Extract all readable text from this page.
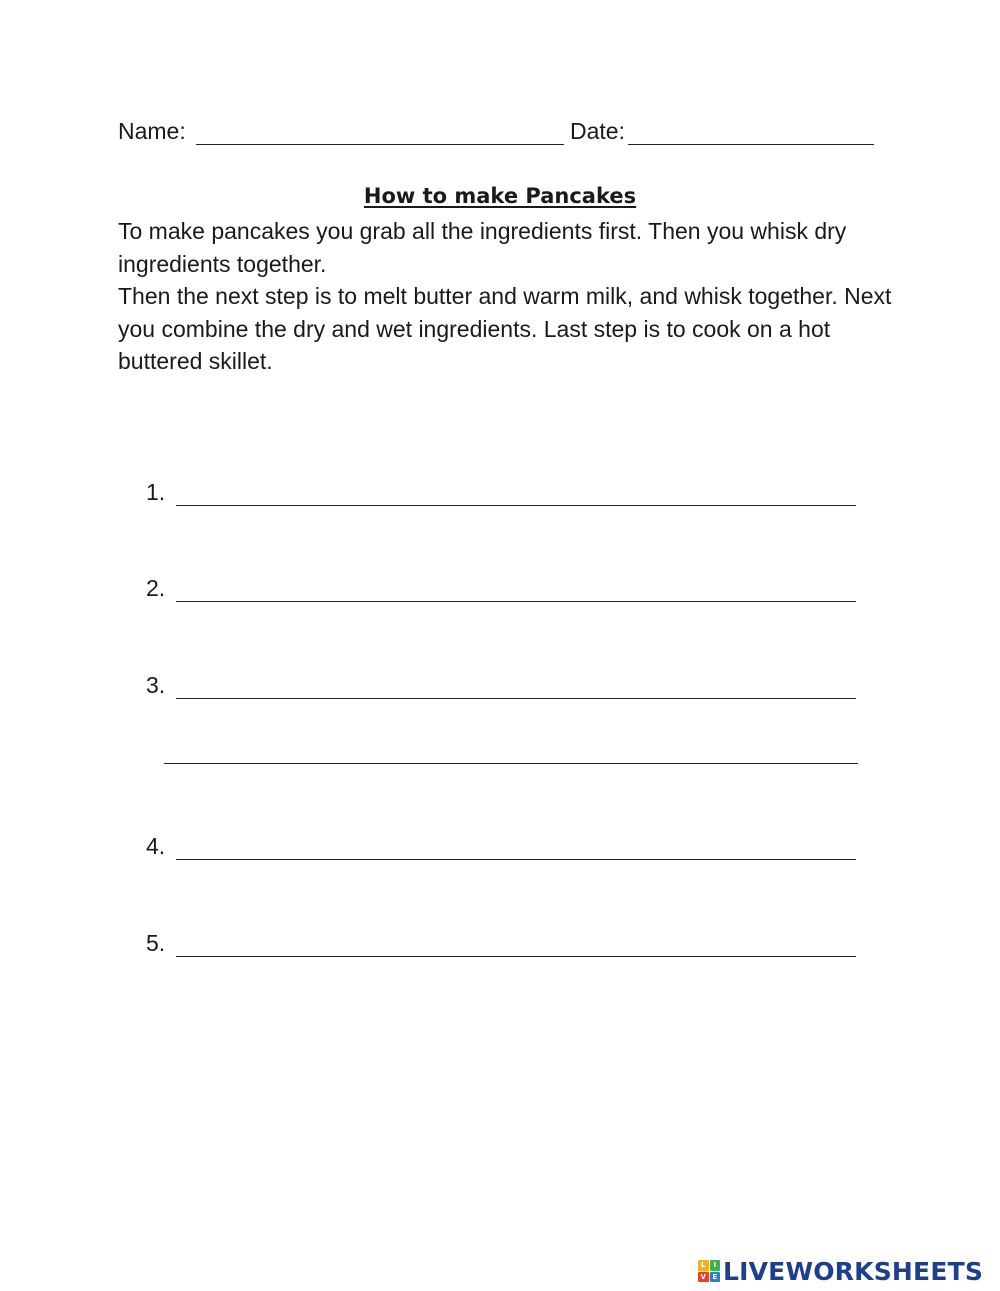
Name:	Date:
How to make Pancakes

To make pancakes you grab all the ingredients first. Then you whisk dry ingredients together.

Then the next step is to melt butter and warm milk, and whisk together. Next you combine the dry and wet ingredients. Last step is to cook on a hot buttered skillet.

1.
2.
3.
4.
5.
L	I
V E LIVEWORKSHEETS
